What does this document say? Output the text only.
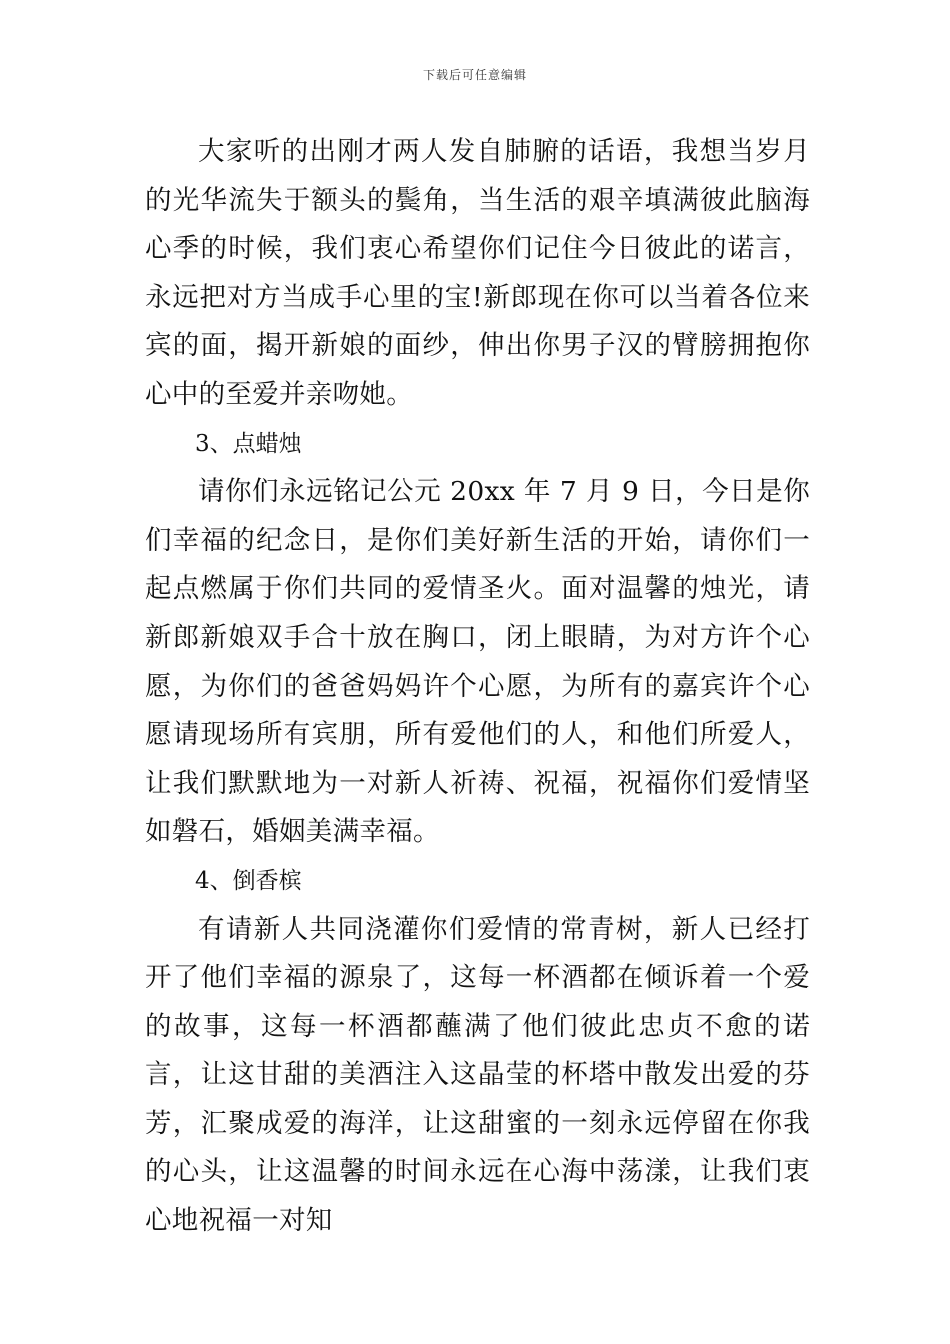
下载后可任意编辑

大家听的出刚才两人发自肺腑的话语，我想当岁月的光华流失于额头的鬓角，当生活的艰辛填满彼此脑海心季的时候，我们衷心希望你们记住今日彼此的诺言，永远把对方当成手心里的宝!新郎现在你可以当着各位来宾的面，揭开新娘的面纱，伸出你男子汉的臂膀拥抱你心中的至爱并亲吻她。

3、点蜡烛

请你们永远铭记公元 20xx 年 7 月 9 日，今日是你们幸福的纪念日，是你们美好新生活的开始，请你们一起点燃属于你们共同的爱情圣火。面对温馨的烛光，请新郎新娘双手合十放在胸口，闭上眼睛，为对方许个心愿，为你们的爸爸妈妈许个心愿，为所有的嘉宾许个心愿请现场所有宾朋，所有爱他们的人，和他们所爱人，让我们默默地为一对新人祈祷、祝福，祝福你们爱情坚如磐石，婚姻美满幸福。

4、倒香槟

有请新人共同浇灌你们爱情的常青树，新人已经打开了他们幸福的源泉了，这每一杯酒都在倾诉着一个爱的故事，这每一杯酒都蘸满了他们彼此忠贞不愈的诺言，让这甘甜的美酒注入这晶莹的杯塔中散发出爱的芬芳，汇聚成爱的海洋，让这甜蜜的一刻永远停留在你我的心头，让这温馨的时间永远在心海中荡漾，让我们衷心地祝福一对知
